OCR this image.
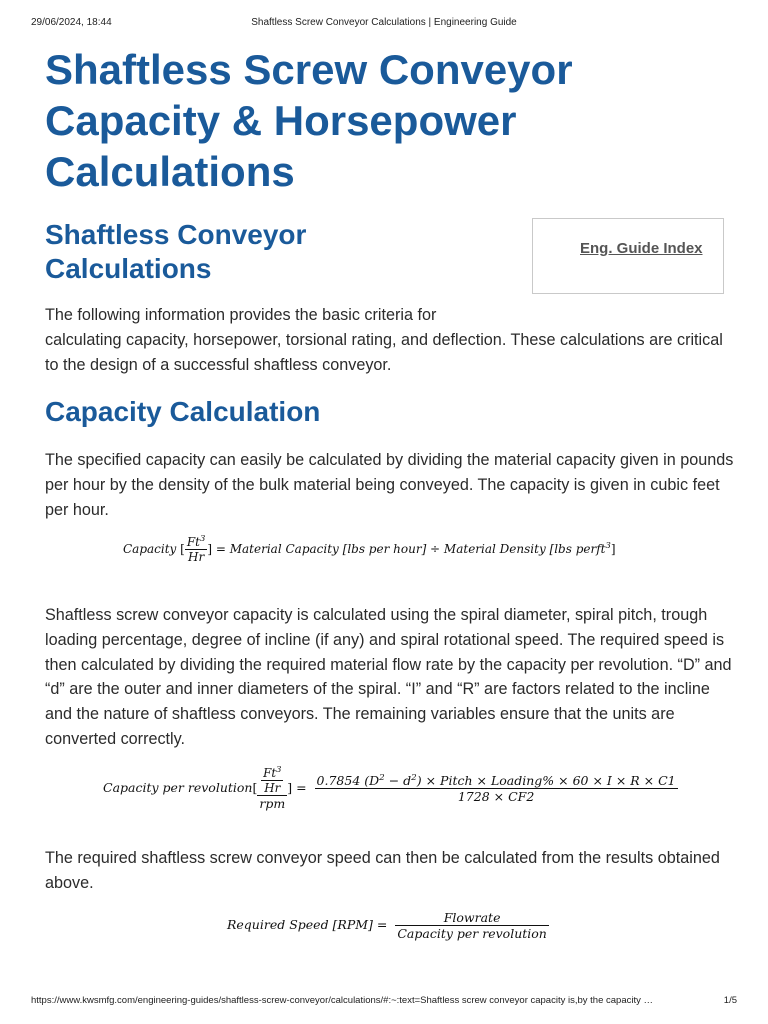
29/06/2024, 18:44	Shaftless Screw Conveyor Calculations | Engineering Guide
Shaftless Screw Conveyor Capacity & Horsepower Calculations
Shaftless Conveyor Calculations
Eng. Guide Index

The following information provides the basic criteria for
calculating capacity, horsepower, torsional rating, and deflection. These calculations are critical to the design of a successful shaftless conveyor.

Capacity Calculation

The specified capacity can easily be calculated by dividing the material capacity given in pounds per hour by the density of the bulk material being conveyed. The capacity is given in cubic feet per hour.

Capacity [ $\frac{Ft^3}{Hr}$ ] = Material Capacity [lbs per hour] ÷ Material Density [lbs perft$^3$]

Shaftless screw conveyor capacity is calculated using the spiral diameter, spiral pitch, trough loading percentage, degree of incline (if any) and spiral rotational speed. The required speed is then calculated by dividing the required material flow rate by the capacity per revolution. “D” and “d” are the outer and inner diameters of the spiral. “I” and “R” are factors related to the incline and the nature of shaftless conveyors. The remaining variables ensure that the units are converted correctly.

Capacity per revolution[ $\frac{\frac{Ft^3}{Hr}}{\text{rpm}}$ ] = $\frac{0.7854 (D^2 - d^2) \times Pitch \times Loading\% \times 60 \times I \times R \times C1}{1728 \times CF2}$

The required shaftless screw conveyor speed can then be calculated from the results obtained above.

Required Speed $[RPM] = \frac{\text{Flowrate}}{\text{Capacity per revolution}}$
https://www.kwsmfg.com/engineering-guides/shaftless-screw-conveyor/calculations/#:~:text=Shaftless screw conveyor capacity is,by the capacity …	1/5
